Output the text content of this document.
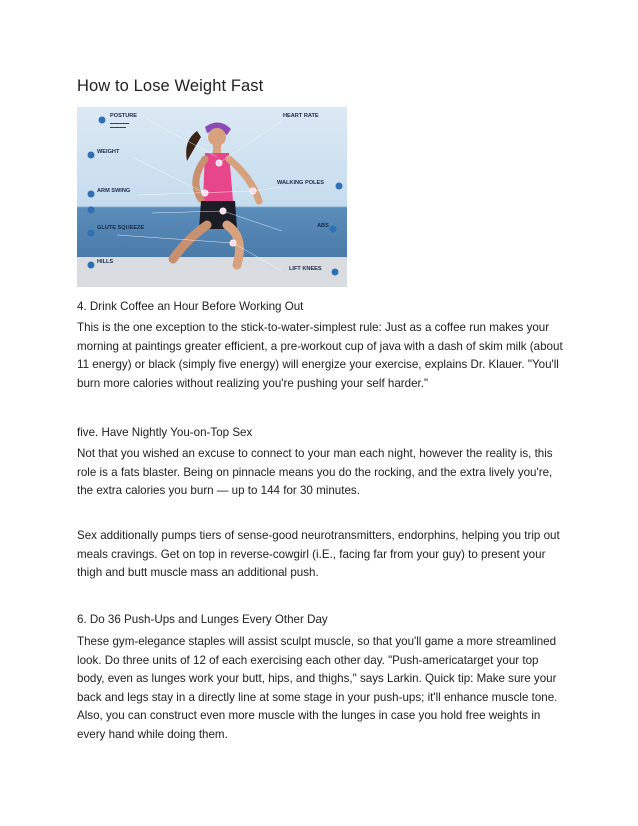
How to Lose Weight Fast
POSTURE
▬▬▬▬▬▬
▬▬▬▬▬
WEIGHT
ARM SWING
GLUTE SQUEEZE
HILLS
HEART RATE
WALKING POLES
ABS
LIFT KNEES
4. Drink Coffee an Hour Before Working Out

This is the one exception to the stick-to-water-simplest rule: Just as a coffee run makes your morning at paintings greater efficient, a pre-workout cup of java with a dash of skim milk (about 11 energy) or black (simply five energy) will energize your exercise, explains Dr. Klauer. "You'll burn more calories without realizing you're pushing your self harder."

five. Have Nightly You-on-Top Sex

Not that you wished an excuse to connect to your man each night, however the reality is, this role is a fats blaster. Being on pinnacle means you do the rocking, and the extra lively you're, the extra calories you burn — up to 144 for 30 minutes.

Sex additionally pumps tiers of sense-good neurotransmitters, endorphins, helping you trip out meals cravings. Get on top in reverse-cowgirl (i.E., facing far from your guy) to present your thigh and butt muscle mass an additional push.

6. Do 36 Push-Ups and Lunges Every Other Day

These gym-elegance staples will assist sculpt muscle, so that you'll game a more streamlined look. Do three units of 12 of each exercising each other day. "Push-americatarget your top body, even as lunges work your butt, hips, and thighs," says Larkin. Quick tip: Make sure your back and legs stay in a directly line at some stage in your push-ups; it'll enhance muscle tone. Also, you can construct even more muscle with the lunges in case you hold free weights in every hand while doing them.
